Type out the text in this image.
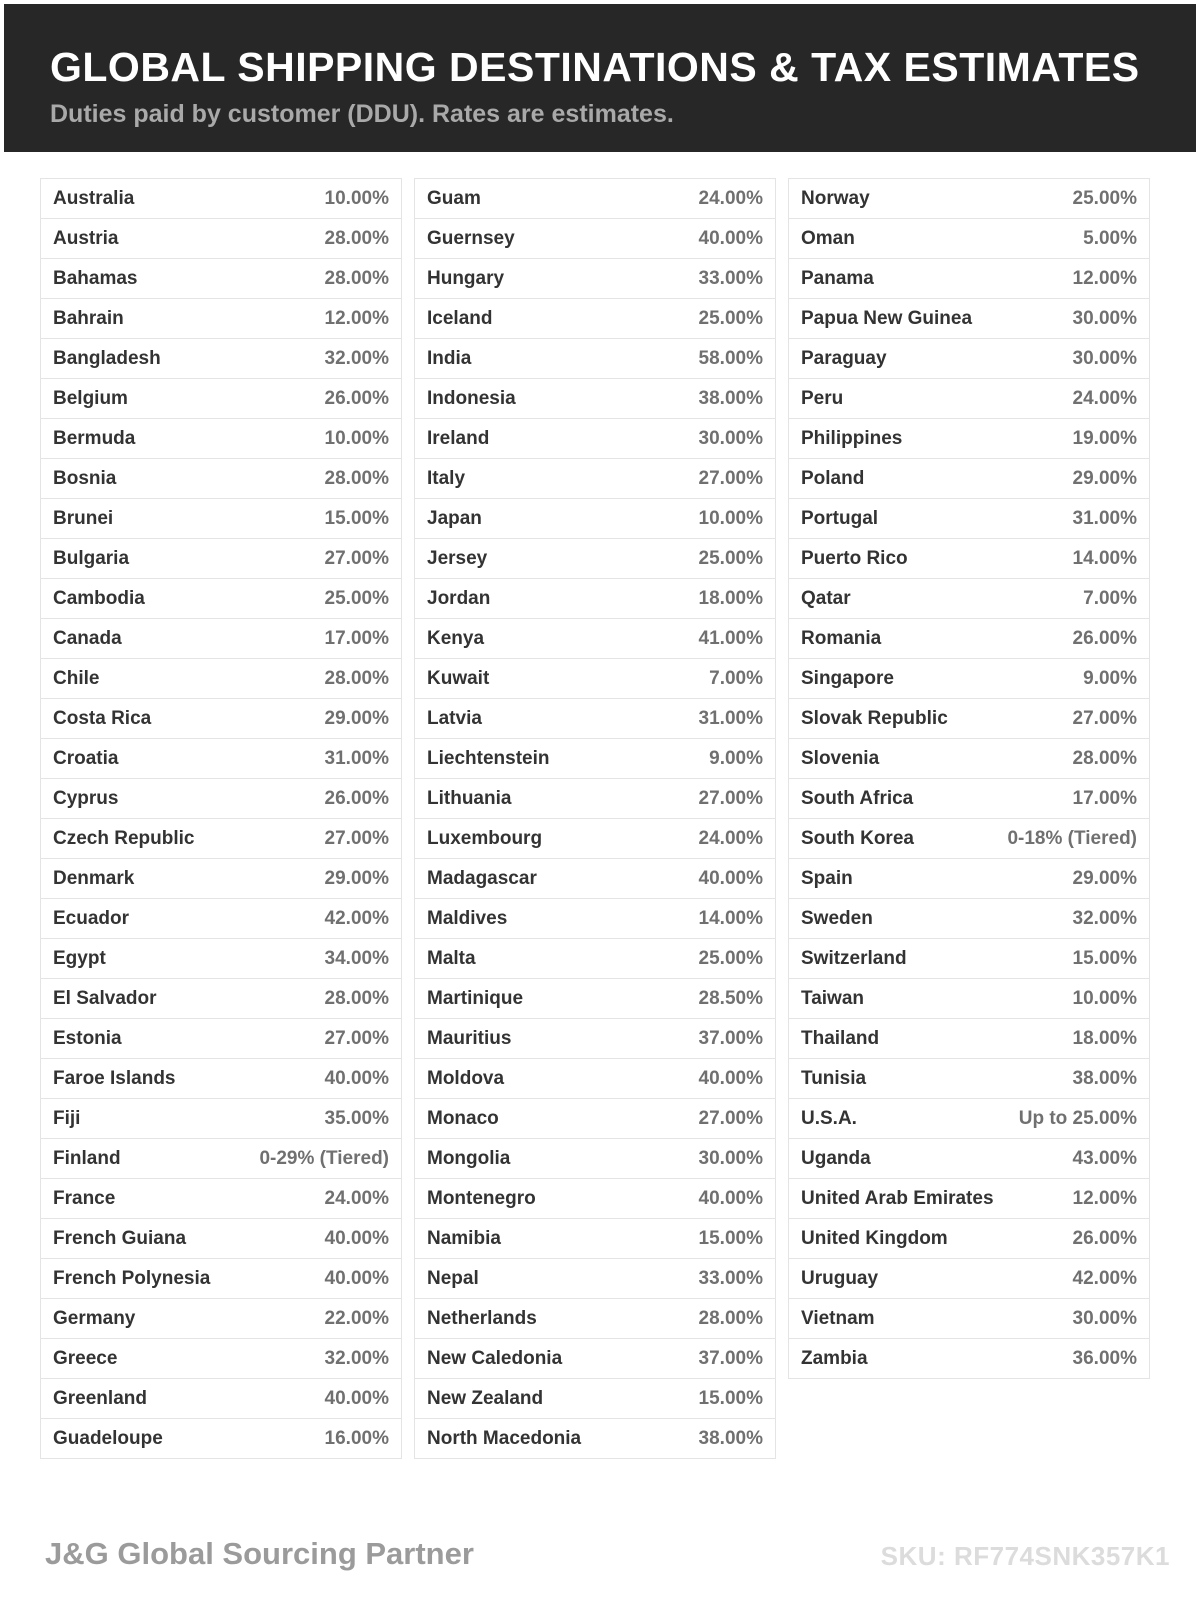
GLOBAL SHIPPING DESTINATIONS & TAX ESTIMATES

Duties paid by customer (DDU). Rates are estimates.

Australia	10.00%
Austria	28.00%
Bahamas	28.00%
Bahrain	12.00%
Bangladesh	32.00%
Belgium	26.00%
Bermuda	10.00%
Bosnia	28.00%
Brunei	15.00%
Bulgaria	27.00%
Cambodia	25.00%
Canada	17.00%
Chile	28.00%
Costa Rica	29.00%
Croatia	31.00%
Cyprus	26.00%
Czech Republic	27.00%
Denmark	29.00%
Ecuador	42.00%
Egypt	34.00%
El Salvador	28.00%
Estonia	27.00%
Faroe Islands	40.00%
Fiji	35.00%
Finland	0-29% (Tiered)
France	24.00%
French Guiana	40.00%
French Polynesia	40.00%
Germany	22.00%
Greece	32.00%
Greenland	40.00%
Guadeloupe	16.00%
Guam	24.00%
Guernsey	40.00%
Hungary	33.00%
Iceland	25.00%
India	58.00%
Indonesia	38.00%
Ireland	30.00%
Italy	27.00%
Japan	10.00%
Jersey	25.00%
Jordan	18.00%
Kenya	41.00%
Kuwait	7.00%
Latvia	31.00%
Liechtenstein	9.00%
Lithuania	27.00%
Luxembourg	24.00%
Madagascar	40.00%
Maldives	14.00%
Malta	25.00%
Martinique	28.50%
Mauritius	37.00%
Moldova	40.00%
Monaco	27.00%
Mongolia	30.00%
Montenegro	40.00%
Namibia	15.00%
Nepal	33.00%
Netherlands	28.00%
New Caledonia	37.00%
New Zealand	15.00%
North Macedonia	38.00%
Norway	25.00%
Oman	5.00%
Panama	12.00%
Papua New Guinea	30.00%
Paraguay	30.00%
Peru	24.00%
Philippines	19.00%
Poland	29.00%
Portugal	31.00%
Puerto Rico	14.00%
Qatar	7.00%
Romania	26.00%
Singapore	9.00%
Slovak Republic	27.00%
Slovenia	28.00%
South Africa	17.00%
South Korea	0-18% (Tiered)
Spain	29.00%
Sweden	32.00%
Switzerland	15.00%
Taiwan	10.00%
Thailand	18.00%
Tunisia	38.00%
U.S.A.	Up to 25.00%
Uganda	43.00%
United Arab Emirates	12.00%
United Kingdom	26.00%
Uruguay	42.00%
Vietnam	30.00%
Zambia	36.00%
J&G Global Sourcing Partner	SKU: RF774SNK357K1
